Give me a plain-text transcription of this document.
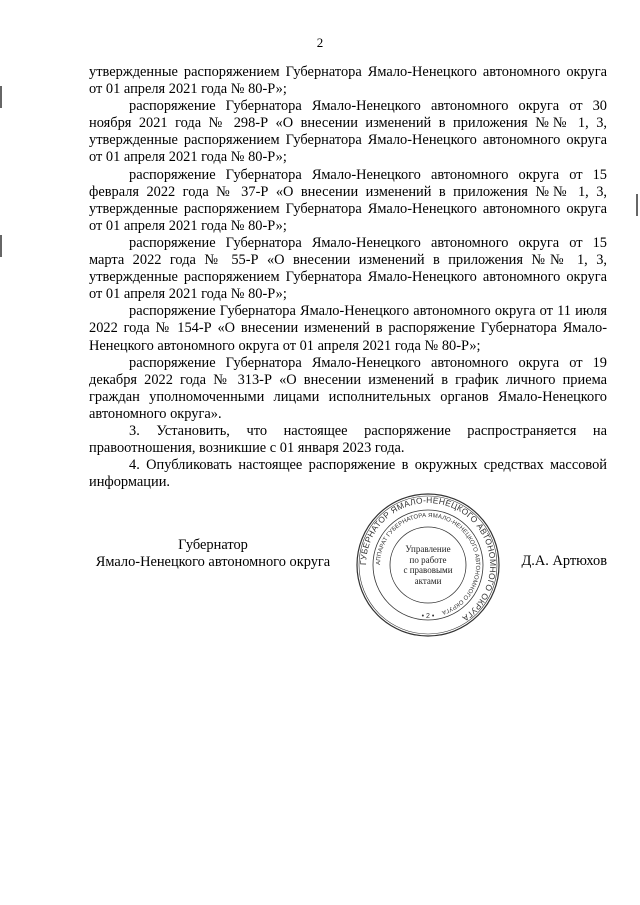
2

утвержденные распоряжением Губернатора Ямало-Ненецкого автономного округа от 01 апреля 2021 года № 80-Р»;

распоряжение Губернатора Ямало-Ненецкого автономного округа от 30 ноября 2021 года № 298-Р «О внесении изменений в приложения №№ 1, 3, утвержденные распоряжением Губернатора Ямало-Ненецкого автономного округа от 01 апреля 2021 года № 80-Р»;

распоряжение Губернатора Ямало-Ненецкого автономного округа от 15 февраля 2022 года № 37-Р «О внесении изменений в приложения №№ 1, 3, утвержденные распоряжением Губернатора Ямало-Ненецкого автономного округа от 01 апреля 2021 года № 80-Р»;

распоряжение Губернатора Ямало-Ненецкого автономного округа от 15 марта 2022 года № 55-Р «О внесении изменений в приложения №№ 1, 3, утвержденные распоряжением Губернатора Ямало-Ненецкого автономного округа от 01 апреля 2021 года № 80-Р»;

распоряжение Губернатора Ямало-Ненецкого автономного округа от 11 июля 2022 года № 154-Р «О внесении изменений в распоряжение Губернатора Ямало-Ненецкого автономного округа от 01 апреля 2021 года № 80-Р»;

распоряжение Губернатора Ямало-Ненецкого автономного округа от 19 декабря 2022 года № 313-Р «О внесении изменений в график личного приема граждан уполномоченными лицами исполнительных органов Ямало-Ненецкого автономного округа».

3. Установить, что настоящее распоряжение распространяется на правоотношения, возникшие с 01 января 2023 года.

4. Опубликовать настоящее распоряжение в окружных средствах массовой информации.

Губернатор
Ямало-Ненецкого автономного округа	ГУБЕРНАТОР ЯМАЛО-НЕНЕЦКОГО АВТОНОМНОГО ОКРУГА
АППАРАТ ГУБЕРНАТОРА ЯМАЛО-НЕНЕЦКОГО АВТОНОМНОГО ОКРУГА
• 2 •
Управление
по работе
с правовыми
актами
Д.А. Артюхов
